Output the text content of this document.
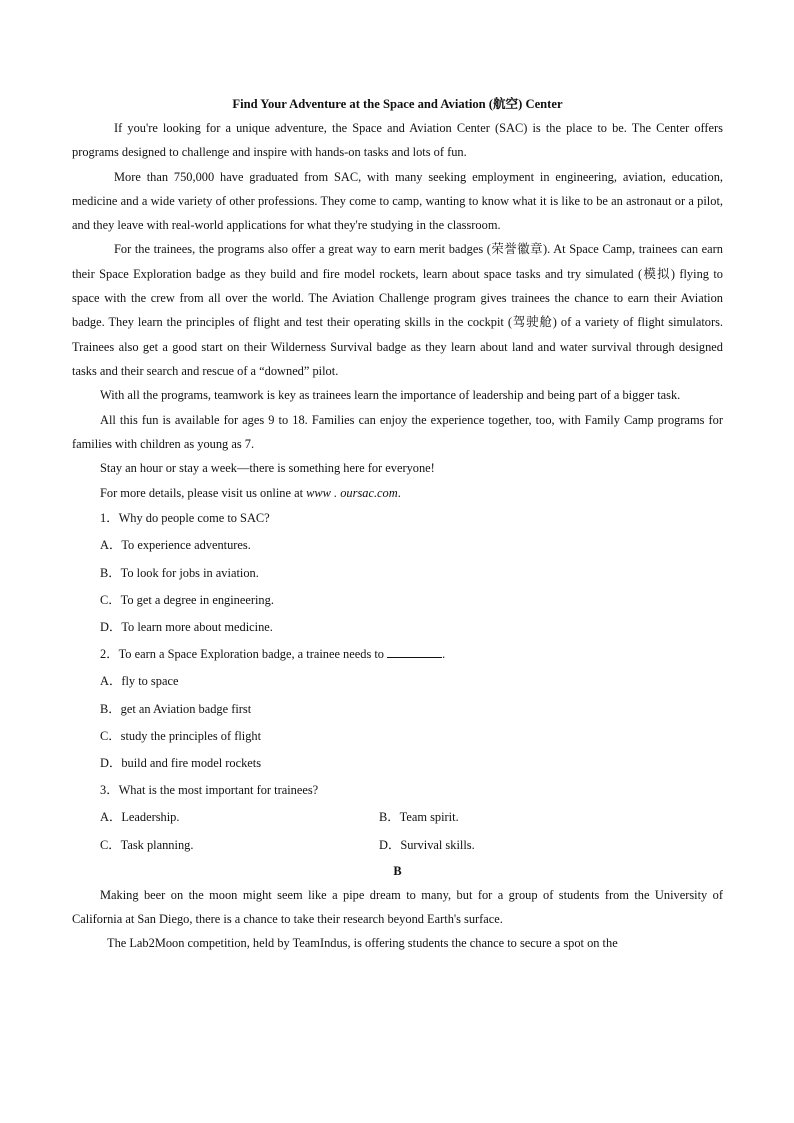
Find Your Adventure at the Space and Aviation (航空) Center

If you're looking for a unique adventure, the Space and Aviation Center (SAC) is the place to be. The Center offers programs designed to challenge and inspire with hands-on tasks and lots of fun.

More than 750,000 have graduated from SAC, with many seeking employment in engineering, aviation, education, medicine and a wide variety of other professions. They come to camp, wanting to know what it is like to be an astronaut or a pilot, and they leave with real-world applications for what they're studying in the classroom.

For the trainees, the programs also offer a great way to earn merit badges (荣誉徽章). At Space Camp, trainees can earn their Space Exploration badge as they build and fire model rockets, learn about space tasks and try simulated (模拟) flying to space with the crew from all over the world. The Aviation Challenge program gives trainees the chance to earn their Aviation badge. They learn the principles of flight and test their operating skills in the cockpit (驾驶舱) of a variety of flight simulators. Trainees also get a good start on their Wilderness Survival badge as they learn about land and water survival through designed tasks and their search and rescue of a “downed” pilot.

With all the programs, teamwork is key as trainees learn the importance of leadership and being part of a bigger task.

All this fun is available for ages 9 to 18. Families can enjoy the experience together, too, with Family Camp programs for families with children as young as 7.

Stay an hour or stay a week—there is something here for everyone!

For more details, please visit us online at www . oursac.com.

1．Why do people come to SAC?

A．To experience adventures.

B．To look for jobs in aviation.

C．To get a degree in engineering.

D．To learn more about medicine.

2．To earn a Space Exploration badge, a trainee needs to	.

A．fly to space

B．get an Aviation badge first

C．study the principles of flight

D．build and fire model rockets

3．What is the most important for trainees?

A．Leadership.	B．Team spirit.
C．Task planning.	D．Survival skills.

B

Making beer on the moon might seem like a pipe dream to many, but for a group of students from the University of California at San Diego, there is a chance to take their research beyond Earth's surface.

The Lab2Moon competition, held by TeamIndus, is offering students the chance to secure a spot on the
